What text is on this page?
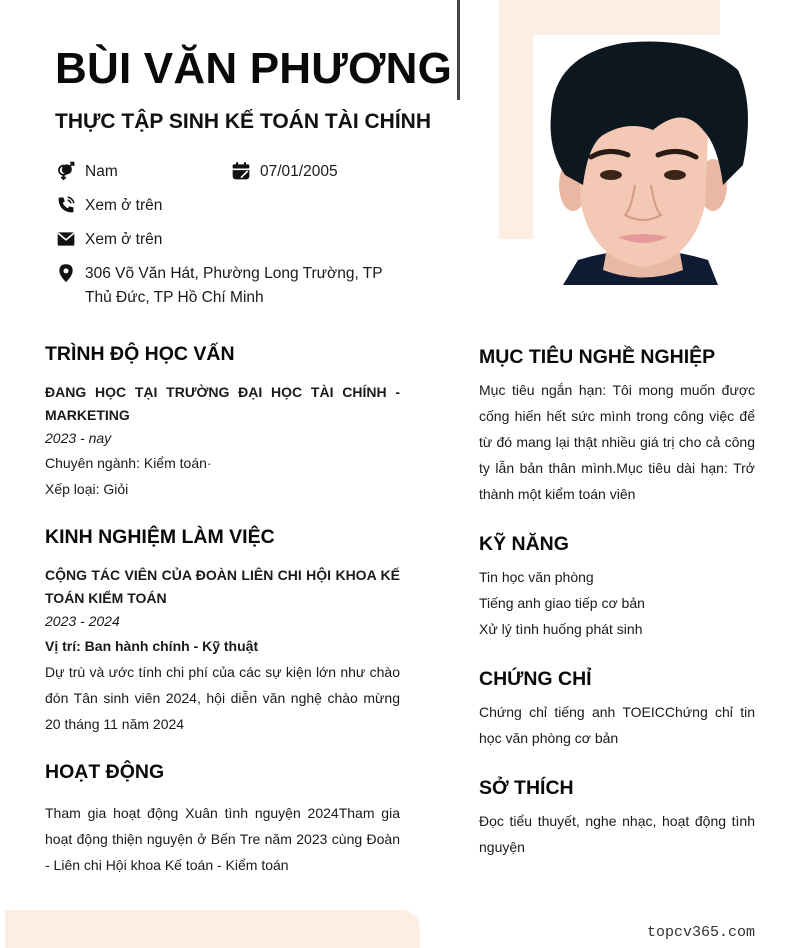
BÙI VĂN PHƯƠNG
THỰC TẬP SINH KẾ TOÁN TÀI CHÍNH
Nam	07/01/2005
Xem ở trên
Xem ở trên
306 Võ Văn Hát, Phường Long Trường, TP Thủ Đức, TP Hồ Chí Minh
TRÌNH ĐỘ HỌC VẤN
ĐANG HỌC TẠI TRƯỜNG ĐẠI HỌC TÀI CHÍNH - MARKETING
2023 - nay
Chuyên ngành: Kiểm toán·
Xếp loại: Giỏi
KINH NGHIỆM LÀM VIỆC
CỘNG TÁC VIÊN CỦA ĐOÀN LIÊN CHI HỘI KHOA KẾ TOÁN KIỂM TOÁN
2023 - 2024
Vị trí: Ban hành chính - Kỹ thuật
Dự trù và ước tính chi phí của các sự kiện lớn như chào đón Tân sinh viên 2024, hội diễn văn nghệ chào mừng 20 tháng 11 năm 2024
HOẠT ĐỘNG
Tham gia hoạt động Xuân tình nguyện 2024Tham gia hoạt động thiện nguyện ở Bến Tre năm 2023 cùng Đoàn - Liên chi Hội khoa Kế toán - Kiểm toán
MỤC TIÊU NGHỀ NGHIỆP
Mục tiêu ngắn hạn: Tôi mong muốn được cống hiến hết sức mình trong công việc để từ đó mang lại thật nhiều giá trị cho cả công ty lẫn bản thân mình.Mục tiêu dài hạn: Trở thành một kiểm toán viên
KỸ NĂNG
Tin học văn phòng
Tiếng anh giao tiếp cơ bản
Xử lý tình huống phát sinh
CHỨNG CHỈ
Chứng chỉ tiếng anh TOEICChứng chỉ tin học văn phòng cơ bản
SỞ THÍCH
Đọc tiểu thuyết, nghe nhạc, hoạt động tình nguyện
topcv365.com
